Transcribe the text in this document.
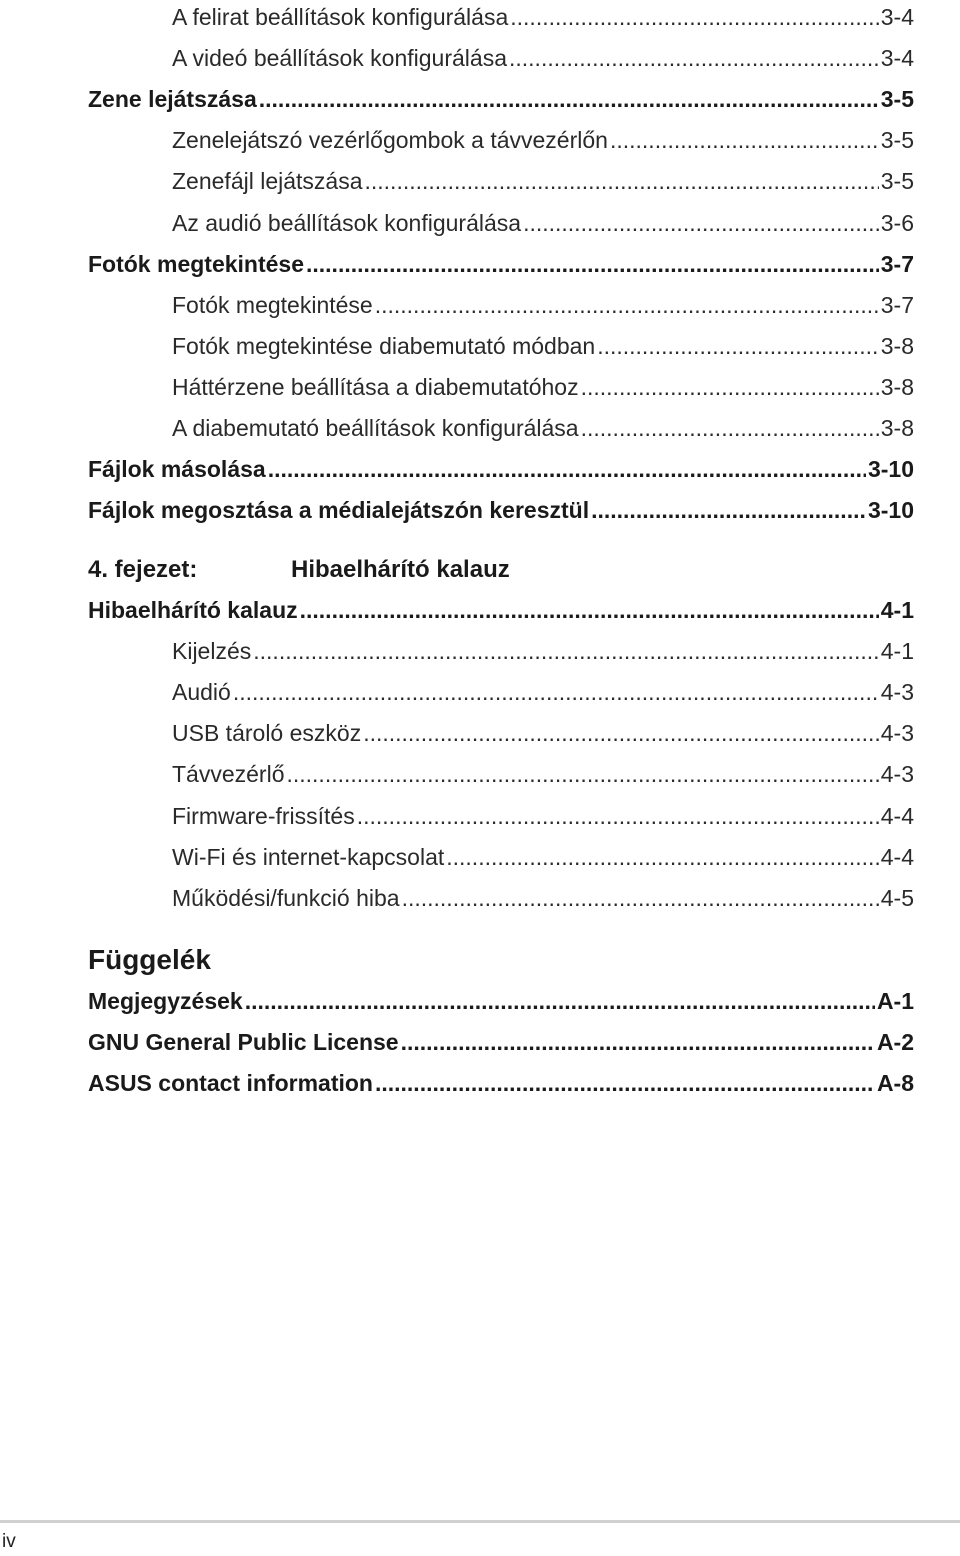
A felirat beállítások konfigurálása .....	3-4
A videó beállítások konfigurálása .....	3-4
Zene lejátszása .....	3-5
Zenelejátszó vezérlőgombok a távvezérlőn .....	3-5
Zenefájl lejátszása .....	3-5
Az audió beállítások konfigurálása .....	3-6
Fotók megtekintése .....	3-7
Fotók megtekintése .....	3-7
Fotók megtekintése diabemutató módban .....	3-8
Háttérzene beállítása a diabemutatóhoz .....	3-8
A diabemutató beállítások konfigurálása .....	3-8
Fájlok másolása .....	3-10
Fájlok megosztása a médialejátszón keresztül .....	3-10
4. fejezet:	Hibaelhárító kalauz
Hibaelhárító kalauz .....	4-1
Kijelzés .....	4-1
Audió .....	4-3
USB tároló eszköz .....	4-3
Távvezérlő .....	4-3
Firmware-frissítés .....	4-4
Wi-Fi és internet-kapcsolat .....	4-4
Működési/funkció hiba .....	4-5
Függelék
Megjegyzések .....	A-1
GNU General Public License .....	A-2
ASUS contact information .....	A-8
iv
